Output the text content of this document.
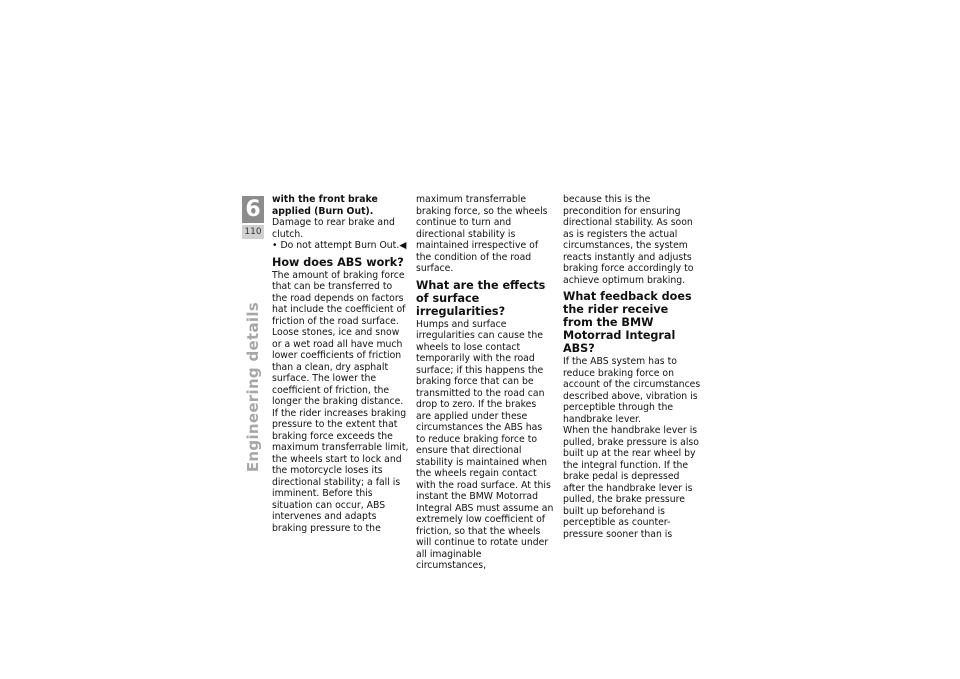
6
110
Engineering details

with the front brake applied (Burn Out).

Damage to rear brake and clutch.

• Do not attempt Burn Out.◀

How does ABS work?

The amount of braking force that can be transferred to the road depends on factors hat include the coefficient of friction of the road surface. Loose stones, ice and snow or a wet road all have much lower coefficients of friction than a clean, dry asphalt surface. The lower the coefficient of friction, the longer the braking distance.

If the rider increases braking pressure to the extent that braking force exceeds the maximum transferrable limit, the wheels start to lock and the motorcycle loses its directional stability; a fall is imminent. Before this situation can occur, ABS intervenes and adapts braking pressure to the

maximum transferrable braking force, so the wheels continue to turn and directional stability is maintained irrespective of the condition of the road surface.

What are the effects of surface irregularities?

Humps and surface irregularities can cause the wheels to lose contact temporarily with the road surface; if this happens the braking force that can be transmitted to the road can drop to zero. If the brakes are applied under these circumstances the ABS has to reduce braking force to ensure that directional stability is maintained when the wheels regain contact with the road surface. At this instant the BMW Motorrad Integral ABS must assume an extremely low coefficient of friction, so that the wheels will continue to rotate under all imaginable circumstances,

because this is the precondition for ensuring directional stability. As soon as is registers the actual circumstances, the system reacts instantly and adjusts braking force accordingly to achieve optimum braking.

What feedback does the rider receive from the BMW Motorrad Integral ABS?

If the ABS system has to reduce braking force on account of the circumstances described above, vibration is perceptible through the handbrake lever.

When the handbrake lever is pulled, brake pressure is also built up at the rear wheel by the integral function. If the brake pedal is depressed after the handbrake lever is pulled, the brake pressure built up beforehand is perceptible as counter-pressure sooner than is
